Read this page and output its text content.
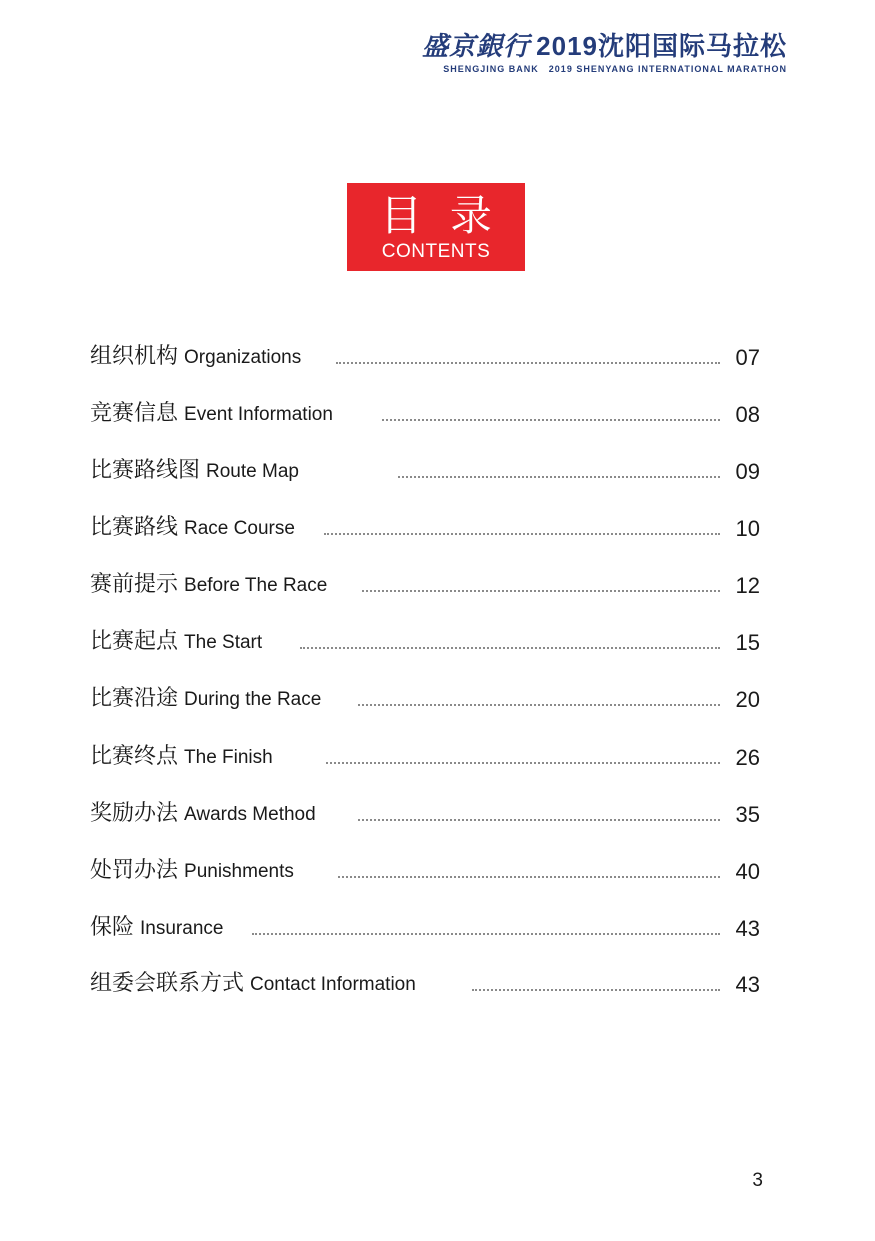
盛京銀行 2019沈阳国际马拉松
SHENGJING BANK 2019 SHENYANG INTERNATIONAL MARATHON
目 录
CONTENTS
组织机构 Organizations	07
竞赛信息 Event Information	08
比赛路线图 Route Map	09
比赛路线 Race Course	10
赛前提示 Before The Race	12
比赛起点 The Start	15
比赛沿途 During the Race	20
比赛终点 The Finish	26
奖励办法 Awards Method	35
处罚办法 Punishments	40
保险 Insurance	43
组委会联系方式 Contact Information	43
3
